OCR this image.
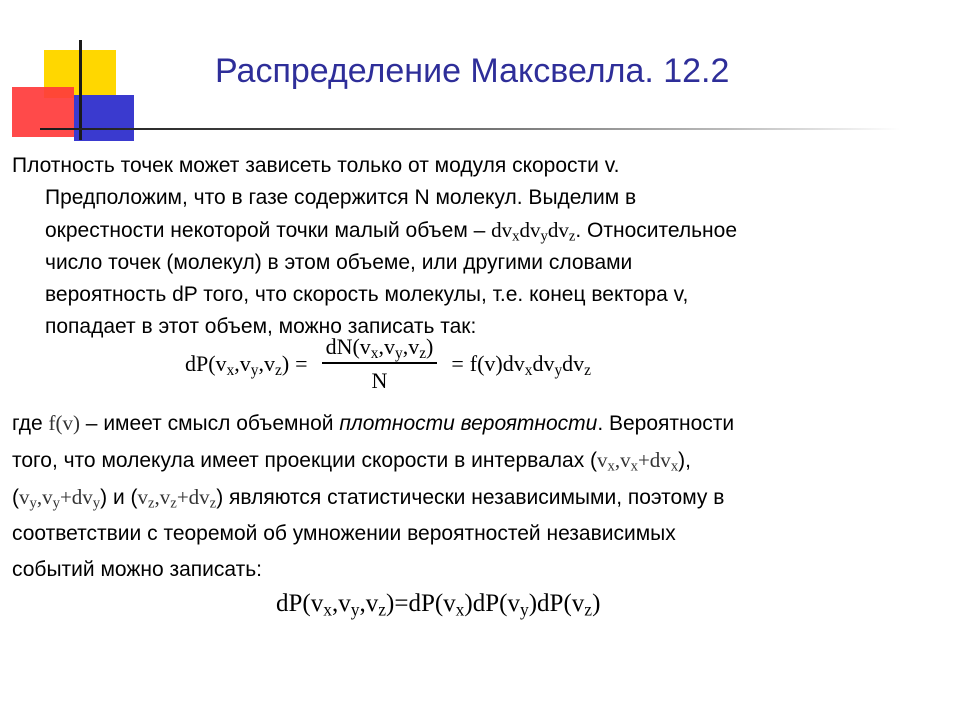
Распределение Максвелла. 12.2
Плотность точек может зависеть только от модуля скорости v.
Предположим, что в газе содержится N молекул. Выделим в
окрестности некоторой точки малый объем – $dv_xdv_ydv_z$. Относительное
число точек (молекул) в этом объеме, или другими словами
вероятность dP того, что скорость молекулы, т.е. конец вектора v,
попадает в этот объем, можно записать так:
$dP(v_x,v_y,v_z) = \frac{dN(v_x,v_y,v_z)}{N} = f(v)dv_xdv_ydv_z$
где f(v) – имеет смысл объемной плотности вероятности. Вероятности
того, что молекула имеет проекции скорости в интервалах $(v_x,v_x+dv_x)$,
$(v_y,v_y+dv_y)$ и $(v_z,v_z+dv_z)$ являются статистически независимыми, поэтому в
соответствии с теоремой об умножении вероятностей независимых
событий можно записать:
$dP(v_x,v_y,v_z)=dP(v_x)dP(v_y)dP(v_z)$
